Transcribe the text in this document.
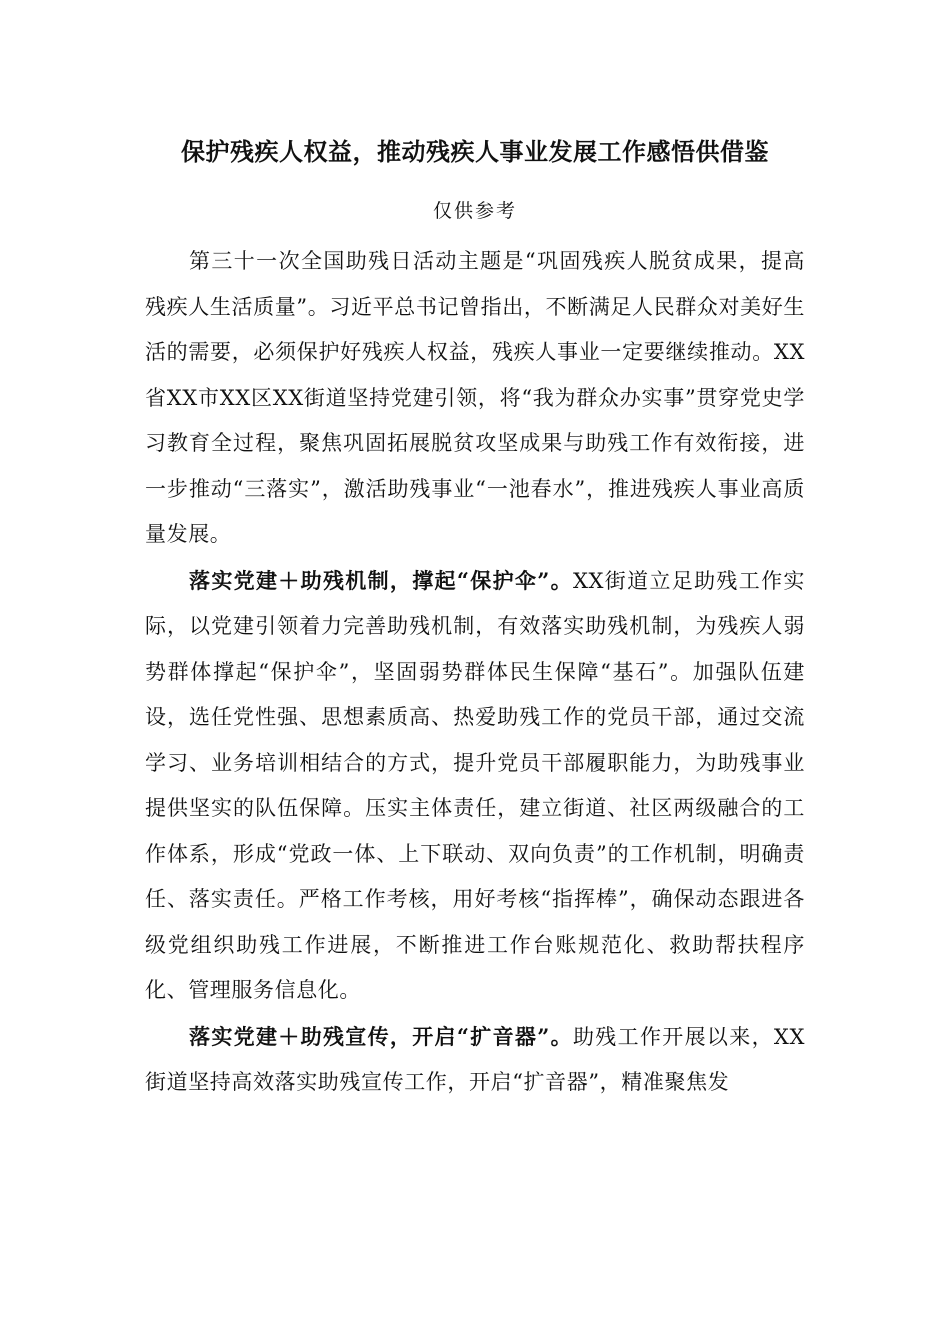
保护残疾人权益，推动残疾人事业发展工作感悟供借鉴
仅供参考

第三十一次全国助残日活动主题是“巩固残疾人脱贫成果，提高残疾人生活质量”。习近平总书记曾指出，不断满足人民群众对美好生活的需要，必须保护好残疾人权益，残疾人事业一定要继续推动。XX省XX市XX区XX街道坚持党建引领，将“我为群众办实事”贯穿党史学习教育全过程，聚焦巩固拓展脱贫攻坚成果与助残工作有效衔接，进一步推动“三落实”，激活助残事业“一池春水”，推进残疾人事业高质量发展。

落实党建＋助残机制，撑起“保护伞”。XX街道立足助残工作实际，以党建引领着力完善助残机制，有效落实助残机制，为残疾人弱势群体撑起“保护伞”，坚固弱势群体民生保障“基石”。加强队伍建设，选任党性强、思想素质高、热爱助残工作的党员干部，通过交流学习、业务培训相结合的方式，提升党员干部履职能力，为助残事业提供坚实的队伍保障。压实主体责任，建立街道、社区两级融合的工作体系，形成“党政一体、上下联动、双向负责”的工作机制，明确责任、落实责任。严格工作考核，用好考核“指挥棒”，确保动态跟进各级党组织助残工作进展，不断推进工作台账规范化、救助帮扶程序化、管理服务信息化。

落实党建＋助残宣传，开启“扩音器”。助残工作开展以来，XX街道坚持高效落实助残宣传工作，开启“扩音器”，精准聚焦发
